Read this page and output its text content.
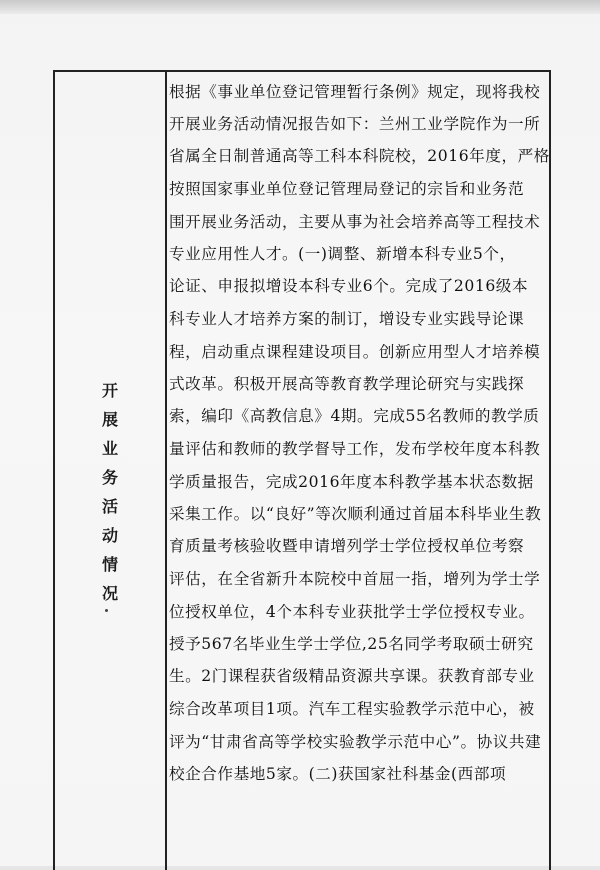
开
展
业
务
活
动
情
况
根据《事业单位登记管理暂行条例》规定，现将我校
开展业务活动情况报告如下：兰州工业学院作为一所
省属全日制普通高等工科本科院校，2016年度，严格
按照国家事业单位登记管理局登记的宗旨和业务范
围开展业务活动，主要从事为社会培养高等工程技术
专业应用性人才。(一)调整、新增本科专业5个，
论证、申报拟增设本科专业6个。完成了2016级本
科专业人才培养方案的制订，增设专业实践导论课
程，启动重点课程建设项目。创新应用型人才培养模
式改革。积极开展高等教育教学理论研究与实践探
索，编印《高教信息》4期。完成55名教师的教学质
量评估和教师的教学督导工作，发布学校年度本科教
学质量报告，完成2016年度本科教学基本状态数据
采集工作。以“良好”等次顺利通过首届本科毕业生教
育质量考核验收暨申请增列学士学位授权单位考察
评估，在全省新升本院校中首屈一指，增列为学士学
位授权单位，4个本科专业获批学士学位授权专业。
授予567名毕业生学士学位,25名同学考取硕士研究
生。2门课程获省级精品资源共享课。获教育部专业
综合改革项目1项。汽车工程实验教学示范中心，被
评为“甘肃省高等学校实验教学示范中心”。协议共建
校企合作基地5家。(二)获国家社科基金(西部项
